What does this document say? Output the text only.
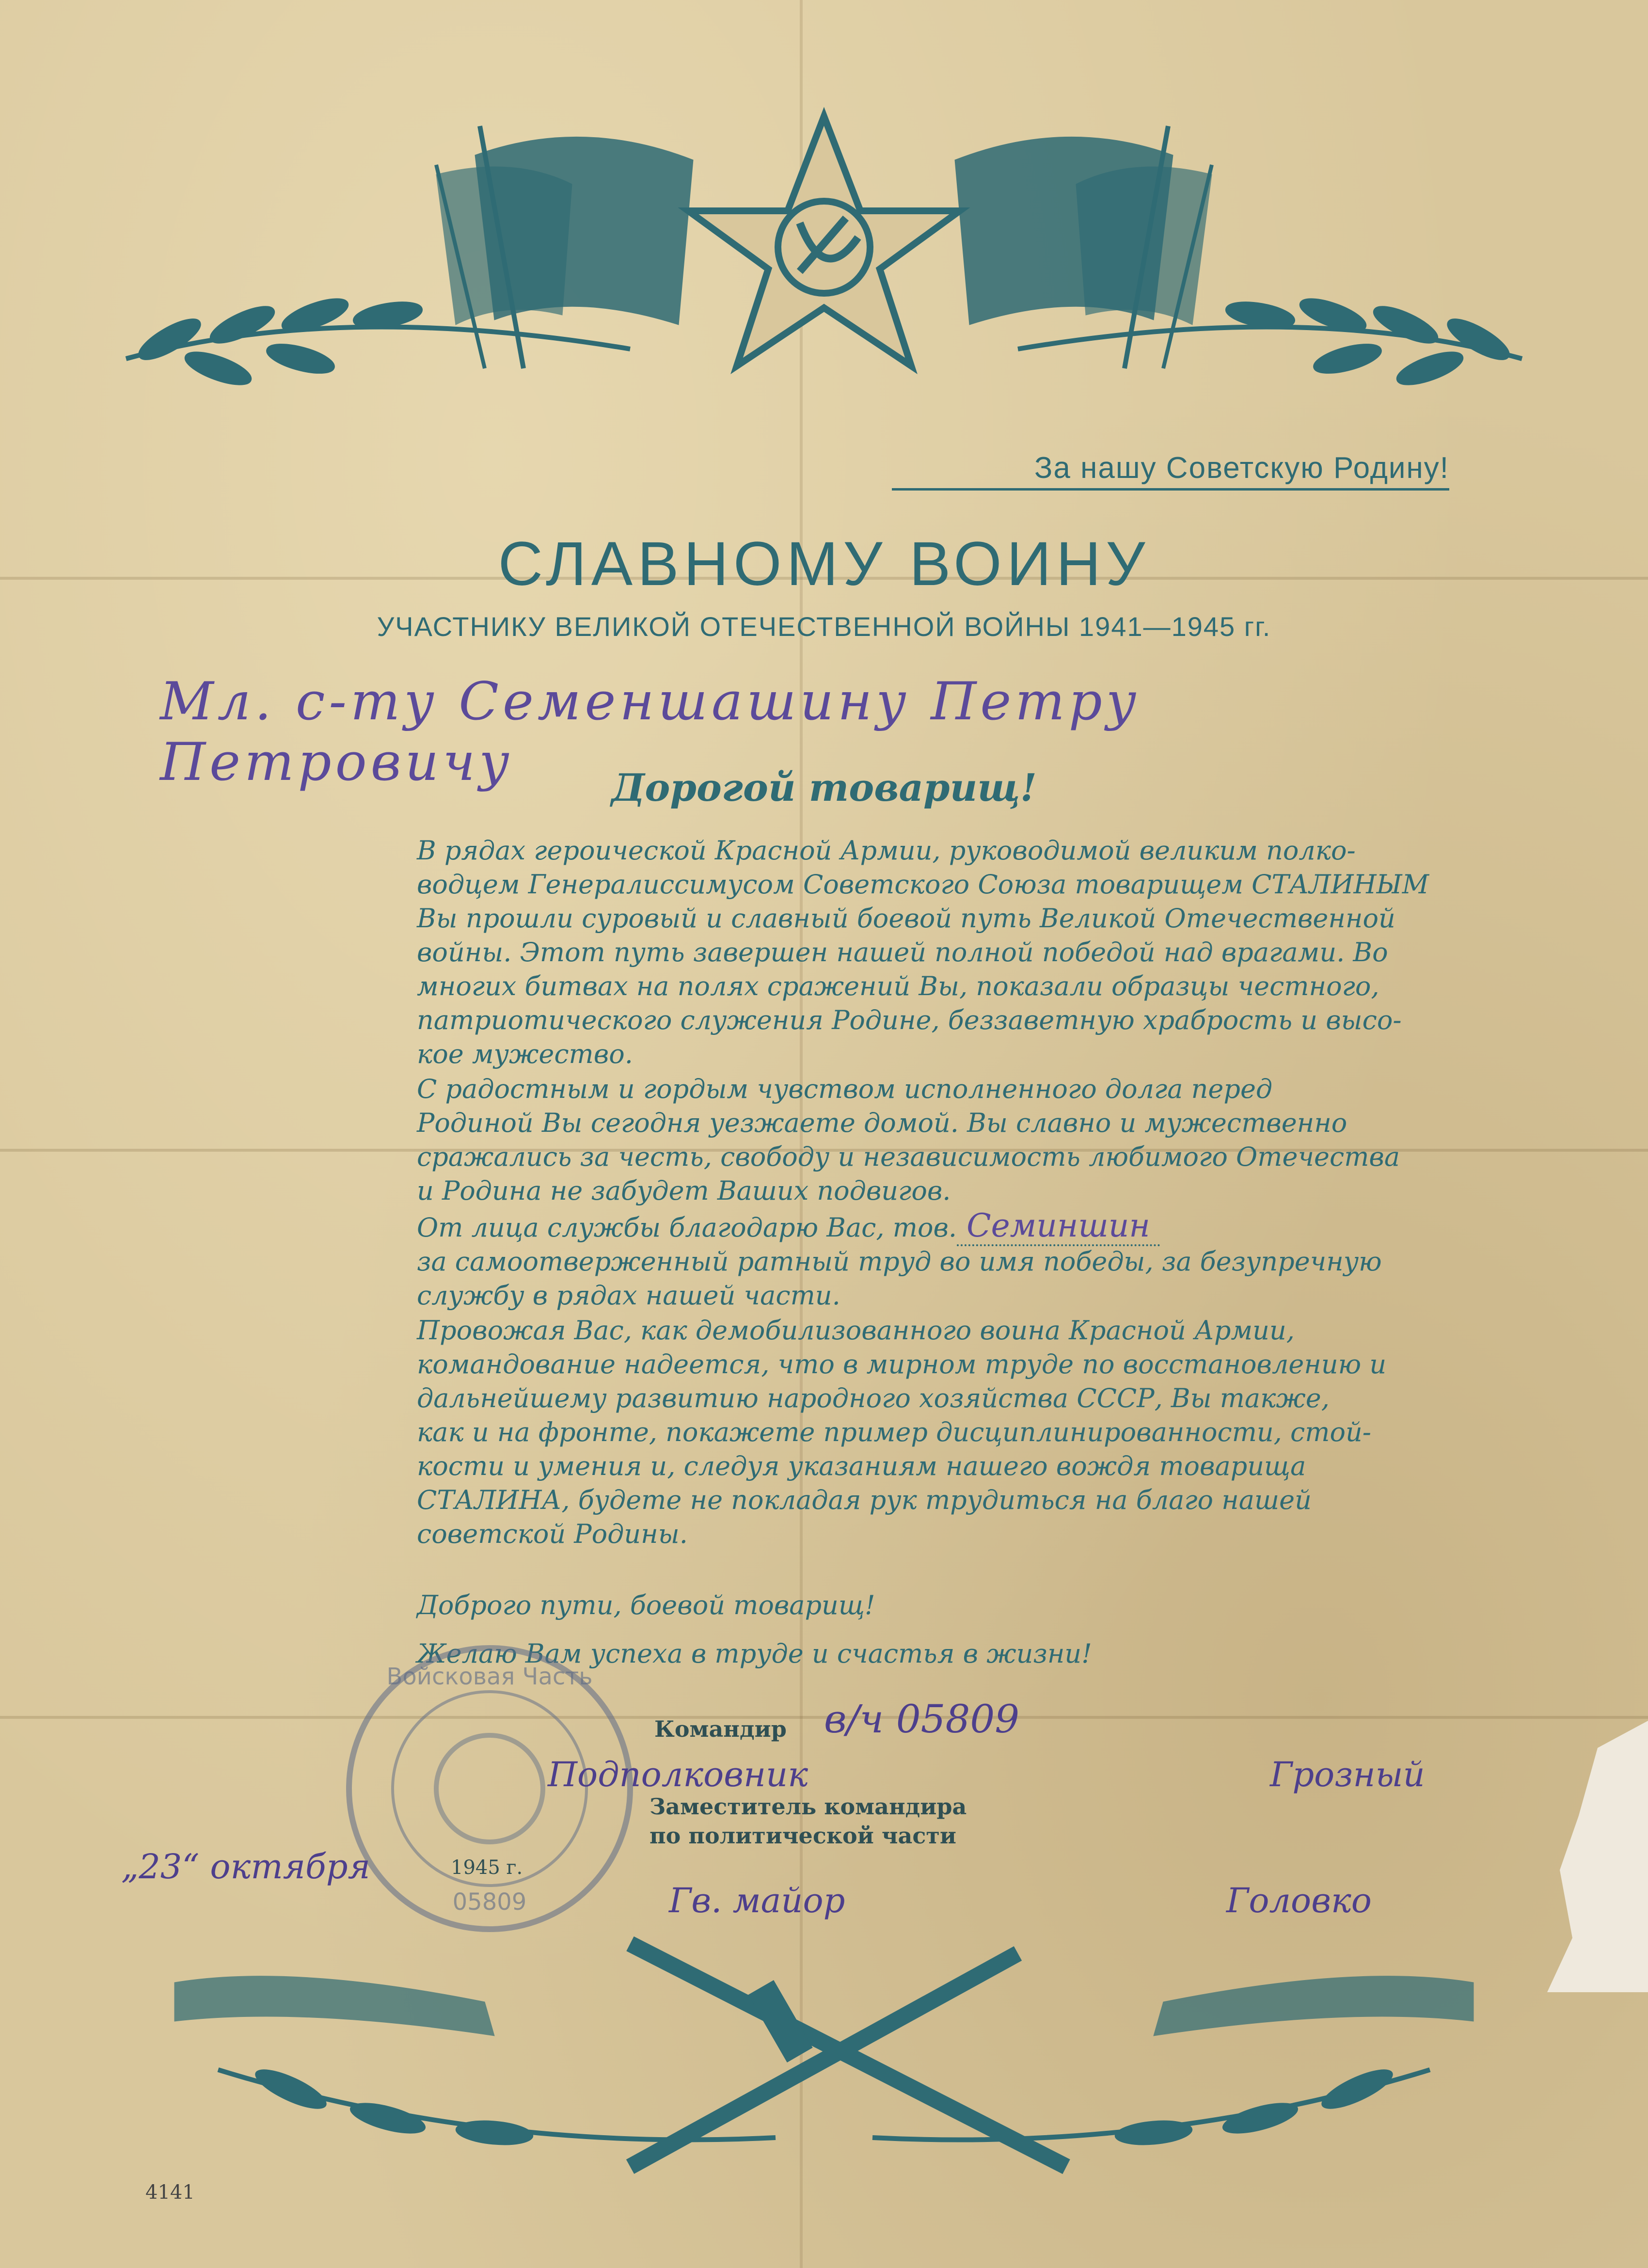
За нашу Советскую Родину!
СЛАВНОМУ ВОИНУ
УЧАСТНИКУ ВЕЛИКОЙ ОТЕЧЕСТВЕННОЙ ВОЙНЫ 1941—1945 гг.
Мл. с-ту Семеншашину Петру Петровичу	Дорогой товарищ!

В рядах героической Красной Армии, руководимой великим полко-
водцем Генералиссимусом Советского Союза товарищем СТАЛИНЫМ
Вы прошли суровый и славный боевой путь Великой Отечественной
войны. Этот путь завершен нашей полной победой над врагами. Во
многих битвах на полях сражений Вы, показали образцы честного,
патриотического служения Родине, беззаветную храбрость и высо-
кое мужество.

С радостным и гордым чувством исполненного долга перед
Родиной Вы сегодня уезжаете домой. Вы славно и мужественно
сражались за честь, свободу и независимость любимого Отечества
и Родина не забудет Ваших подвигов.

От лица службы благодарю Вас, тов. Семиншин
за самоотверженный ратный труд во имя победы, за безупречную
службу в рядах нашей части.

Провожая Вас, как демобилизованного воина Красной Армии,
командование надеется, что в мирном труде по восстановлению и
дальнейшему развитию народного хозяйства СССР, Вы также,
как и на фронте, покажете пример дисциплинированности, стой-
кости и умения и, следуя указаниям нашего вождя товарища
СТАЛИНА, будете не покладая рук трудиться на благо нашей
советской Родины.

Доброго пути, боевой товарищ!
Желаю Вам успеха в труде и счастья в жизни!
Войсковая Часть
05809
Командир в/ч 05809
Подполковник	Грозный
Заместитель командира
по политической части
„23“ октября	1945 г.
Гв. майор	Головко
4141
